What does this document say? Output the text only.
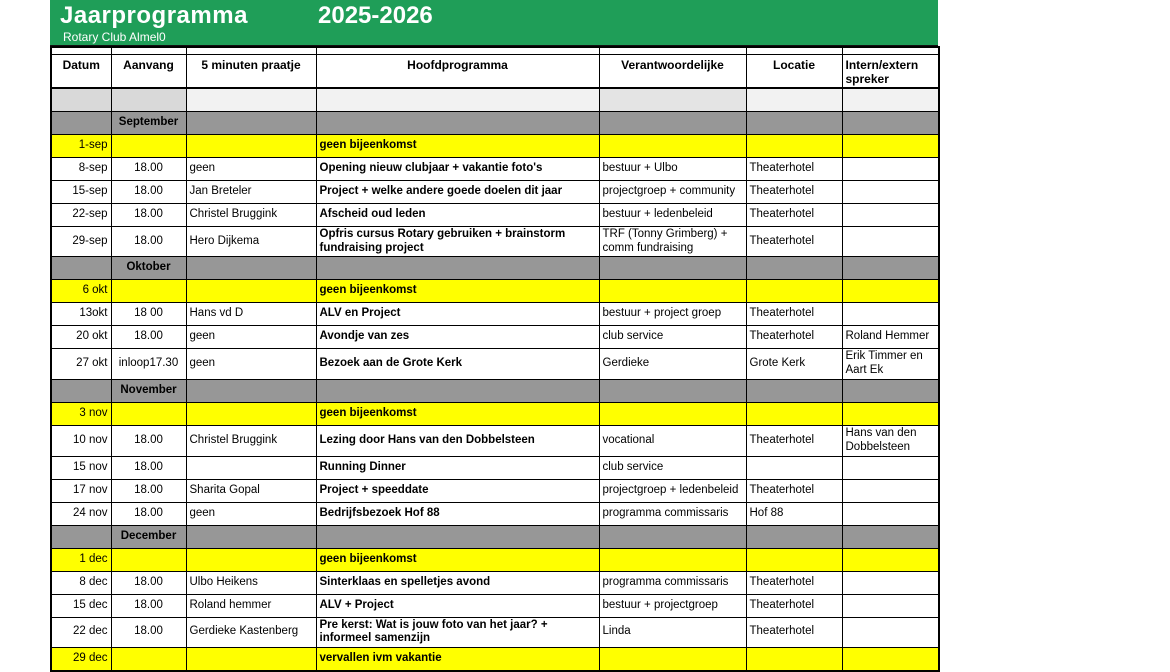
Jaarprogramma	2025-2026
Rotary Club Almel0

Datum	Aanvang	5 minuten praatje	Hoofdprogramma	Verantwoordelijke	Locatie	Intern/extern spreker

	September					
1-sep			geen bijeenkomst			
8-sep	18.00	geen	Opening nieuw clubjaar + vakantie foto's	bestuur + Ulbo	Theaterhotel	
15-sep	18.00	Jan Breteler	Project + welke andere goede doelen dit jaar	projectgroep + community	Theaterhotel	
22-sep	18.00	Christel Bruggink	Afscheid oud leden	bestuur + ledenbeleid	Theaterhotel	
29-sep	18.00	Hero Dijkema	Opfris cursus Rotary gebruiken + brainstorm fundraising project	TRF (Tonny Grimberg) + comm fundraising	Theaterhotel	
	Oktober					
6 okt			geen bijeenkomst			
13okt	18 00	Hans vd D	ALV en Project	bestuur + project groep	Theaterhotel	
20 okt	18.00	geen	Avondje van zes	club service	Theaterhotel	Roland Hemmer
27 okt	inloop17.30	geen	Bezoek aan de Grote Kerk	Gerdieke	Grote Kerk	Erik Timmer en Aart Ek
	November					
3 nov			geen bijeenkomst			
10 nov	18.00	Christel Bruggink	Lezing door Hans van den Dobbelsteen	vocational	Theaterhotel	Hans van den Dobbelsteen
15 nov	18.00		Running Dinner	club service		
17 nov	18.00	Sharita Gopal	Project + speeddate	projectgroep + ledenbeleid	Theaterhotel	
24 nov	18.00	geen	Bedrijfsbezoek Hof 88	programma commissaris	Hof 88	
	December					
1 dec			geen bijeenkomst			
8 dec	18.00	Ulbo Heikens	Sinterklaas en spelletjes avond	programma commissaris	Theaterhotel	
15 dec	18.00	Roland hemmer	ALV + Project	bestuur + projectgroep	Theaterhotel	
22 dec	18.00	Gerdieke Kastenberg	Pre kerst: Wat is jouw foto van het jaar? + informeel samenzijn	Linda	Theaterhotel	
29 dec			vervallen ivm vakantie			
